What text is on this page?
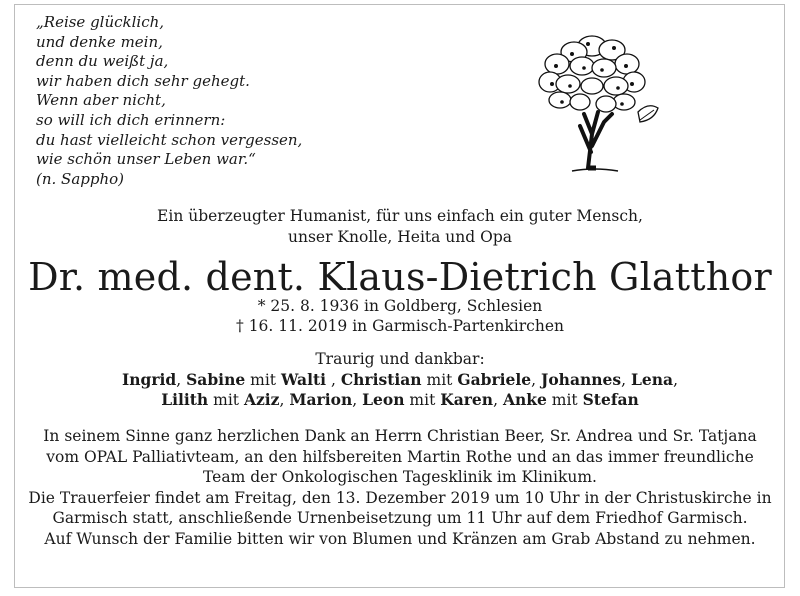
„Reise glücklich,
und denke mein,
denn du weißt ja,
wir haben dich sehr gehegt.
Wenn aber nicht,
so will ich dich erinnern:
du hast vielleicht schon vergessen,
wie schön unser Leben war.“
(n. Sappho)
Ein überzeugter Humanist, für uns einfach ein guter Mensch,
unser Knolle, Heita und Opa
Dr. med. dent. Klaus-Dietrich Glatthor
* 25. 8. 1936 in Goldberg, Schlesien
† 16. 11. 2019 in Garmisch-Partenkirchen
Traurig und dankbar:
Ingrid, Sabine mit Walti , Christian mit Gabriele, Johannes, Lena,
Lilith mit Aziz, Marion, Leon mit Karen, Anke mit Stefan
In seinem Sinne ganz herzlichen Dank an Herrn Christian Beer, Sr. Andrea und Sr. Tatjana
vom OPAL Palliativteam, an den hilfsbereiten Martin Rothe und an das immer freundliche
Team der Onkologischen Tagesklinik im Klinikum.
Die Trauerfeier findet am Freitag, den 13. Dezember 2019 um 10 Uhr in der Christuskirche in
Garmisch statt, anschließende Urnenbeisetzung um 11 Uhr auf dem Friedhof Garmisch.
Auf Wunsch der Familie bitten wir von Blumen und Kränzen am Grab Abstand zu nehmen.
